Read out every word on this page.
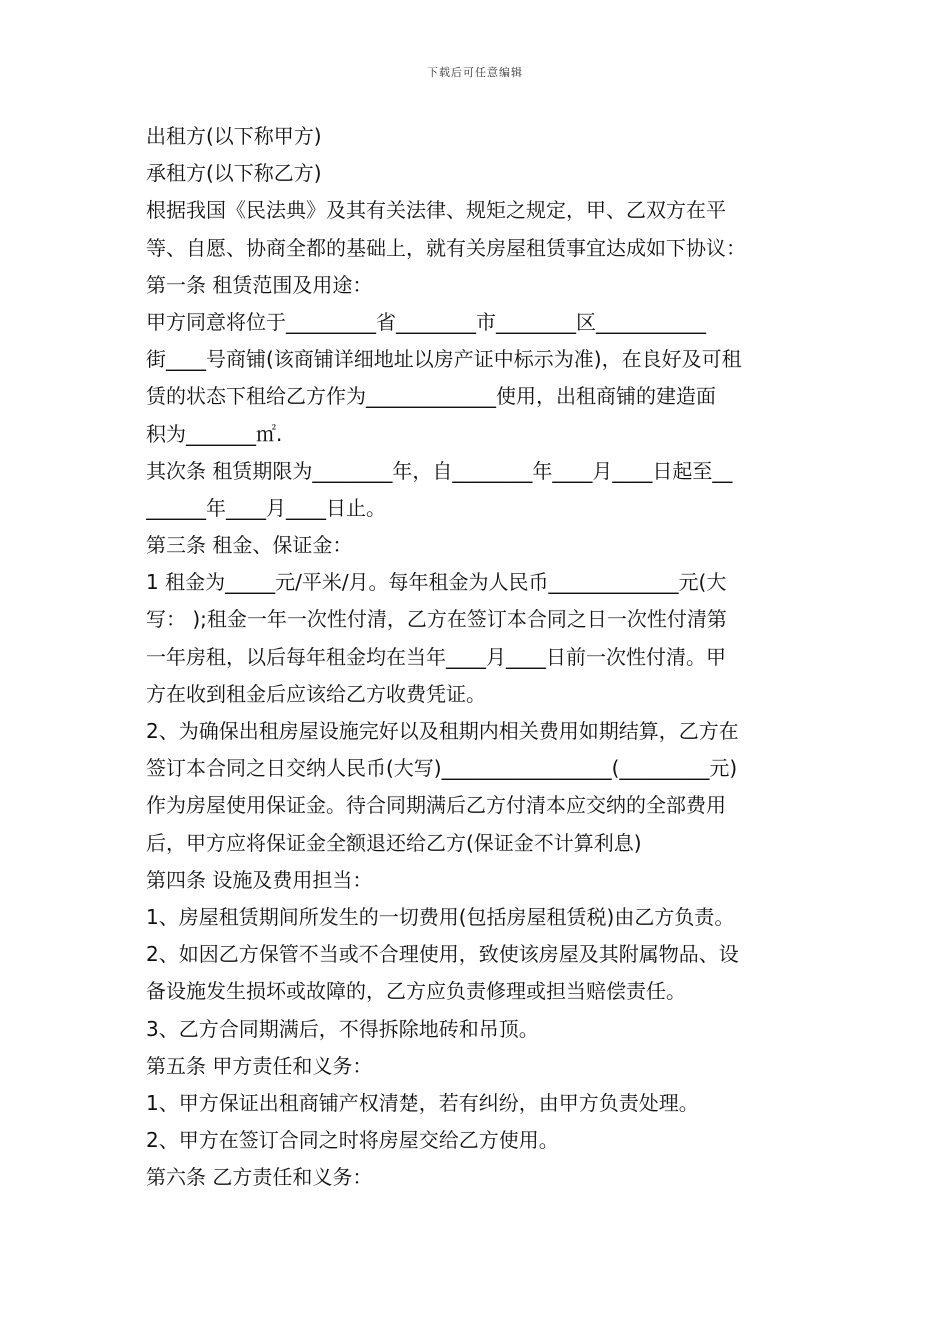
下载后可任意编辑
出租方(以下称甲方)
承租方(以下称乙方)
根据我国《民法典》及其有关法律、规矩之规定，甲、乙双方在平
等、自愿、协商全都的基础上，就有关房屋租赁事宜达成如下协议：
第一条 租赁范围及用途：
甲方同意将位于_________省________市________区___________
街____号商铺(该商铺详细地址以房产证中标示为准)，在良好及可租
赁的状态下租给乙方作为_____________使用，出租商铺的建造面
积为_______㎡.
其次条 租赁期限为________年，自________年____月____日起至__
______年____月____日止。
第三条 租金、保证金：
1 租金为_____元/平米/月。每年租金为人民币_____________元(大
写： );租金一年一次性付清，乙方在签订本合同之日一次性付清第
一年房租，以后每年租金均在当年____月____日前一次性付清。甲
方在收到租金后应该给乙方收费凭证。
2、为确保出租房屋设施完好以及租期内相关费用如期结算，乙方在
签订本合同之日交纳人民币(大写)_________________(_________元)
作为房屋使用保证金。待合同期满后乙方付清本应交纳的全部费用
后，甲方应将保证金全额退还给乙方(保证金不计算利息)
第四条 设施及费用担当：
1、房屋租赁期间所发生的一切费用(包括房屋租赁税)由乙方负责。
2、如因乙方保管不当或不合理使用，致使该房屋及其附属物品、设
备设施发生损坏或故障的，乙方应负责修理或担当赔偿责任。
3、乙方合同期满后，不得拆除地砖和吊顶。
第五条 甲方责任和义务：
1、甲方保证出租商铺产权清楚，若有纠纷，由甲方负责处理。
2、甲方在签订合同之时将房屋交给乙方使用。
第六条 乙方责任和义务：
